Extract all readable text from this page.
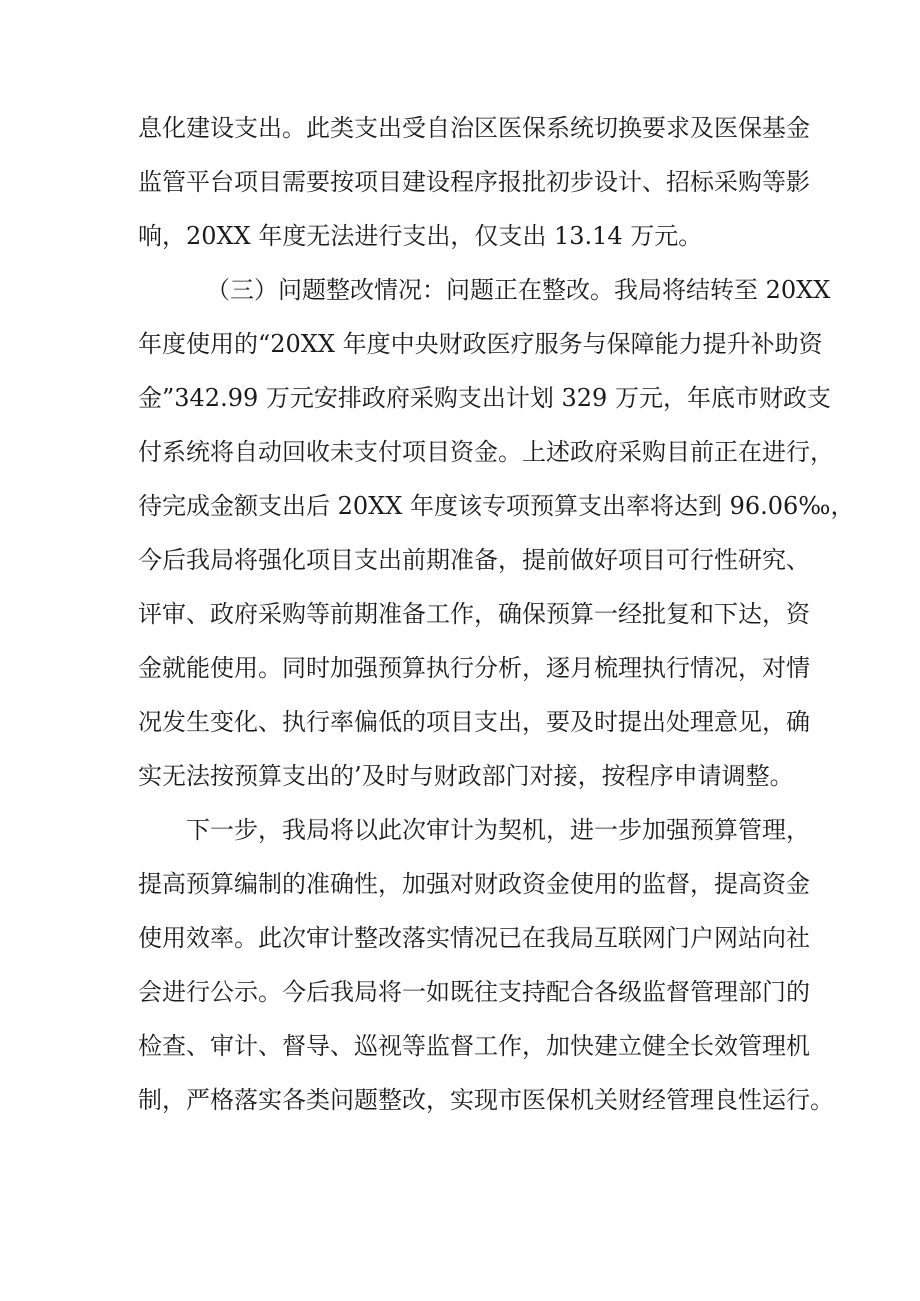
息化建设支出。此类支出受自治区医保系统切换要求及医保基金
监管平台项目需要按项目建设程序报批初步设计、招标采购等影
响，20XX 年度无法进行支出，仅支出 13.14 万元。
（三）问题整改情况：问题正在整改。我局将结转至 20XX
年度使用的“20XX 年度中央财政医疗服务与保障能力提升补助资
金”342.99 万元安排政府采购支出计划 329 万元，年底市财政支
付系统将自动回收未支付项目资金。上述政府采购目前正在进行，
待完成金额支出后 20XX 年度该专项预算支出率将达到 96.06‰，
今后我局将强化项目支出前期准备，提前做好项目可行性研究、
评审、政府采购等前期准备工作，确保预算一经批复和下达，资
金就能使用。同时加强预算执行分析，逐月梳理执行情况，对情
况发生变化、执行率偏低的项目支出，要及时提出处理意见，确
实无法按预算支出的’及时与财政部门对接，按程序申请调整。
下一步，我局将以此次审计为契机，进一步加强预算管理，
提高预算编制的准确性，加强对财政资金使用的监督，提高资金
使用效率。此次审计整改落实情况已在我局互联网门户网站向社
会进行公示。今后我局将一如既往支持配合各级监督管理部门的
检查、审计、督导、巡视等监督工作，加快建立健全长效管理机
制，严格落实各类问题整改，实现市医保机关财经管理良性运行。
